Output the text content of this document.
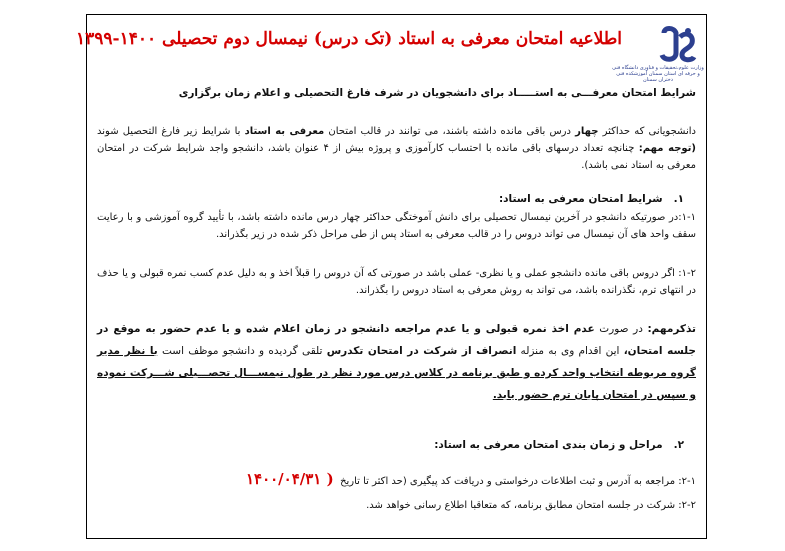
وزارت علوم،تحقیقات و فناوری دانشگاه فنی و حرفه ای استان سمنان آموزشکده فنی دختران سمنان
اطلاعیه امتحان معرفی به استاد (تک درس) نیمسال دوم تحصیلی ۱۴۰۰-۱۳۹۹
شرایط امتحان معرفـــی به استـــــاد برای دانشجویان در شرف فارغ التحصیلی و اعلام زمان برگزاری
دانشجویانی که حداکثر چهار درس باقی مانده داشته باشند، می توانند در قالب امتحان معرفی به استاد با شرایط زیر فارغ التحصیل شوند (توجه مهم: چنانچه تعداد درسهای باقی مانده با احتساب کارآموزی و پروژه بیش از ۴ عنوان باشد، دانشجو واجد شرایط شرکت در امتحان معرفی به استاد نمی باشد).
۱.   شرایط امتحان معرفی به استاد:
۱-۱:در صورتیکه دانشجو در آخرین نیمسال تحصیلی برای دانش آموختگی حداکثر چهار درس مانده داشته باشد، با تأیید گروه آموزشی و با رعایت سقف واحد های آن نیمسال می تواند دروس را در قالب معرفی به استاد پس از طی مراحل ذکر شده در زیر بگذراند.
۱-۲: اگر دروس باقی مانده دانشجو عملی و یا نظری- عملی باشد در صورتی که آن دروس را قبلاً اخذ و به دلیل عدم کسب نمره قبولی و یا حذف در انتهای ترم، نگذرانده باشد، می تواند به روش معرفی به استاد دروس را بگذراند.
تذکرمهم: در صورت عدم اخذ نمره قبولی و یا عدم مراجعه دانشجو در زمان اعلام شده و یا عدم حضور به موقع در جلسه امتحان، این اقدام وی به منزله انصراف از شرکت در امتحان تکدرس تلقی گردیده و دانشجو موظف است با نظر مدیر گروه مربوطه انتخاب واحد کرده و طبق برنامه در کلاس درس مورد نظر در طول نیمســـال تحصـــیلی شـــرکت نموده و سپس در امتحان پایان ترم حضور یابد.
۲.   مراحل و زمان بندی امتحان معرفی به استاد:
۲-۱: مراجعه به آدرس و ثبت اطلاعات درخواستی و دریافت کد پیگیری (حد اکثر تا تاریخ  ( ۱۴۰۰/۰۴/۳۱
۲-۲: شرکت در جلسه امتحان مطابق برنامه، که متعاقبا اطلاع رسانی خواهد شد.
